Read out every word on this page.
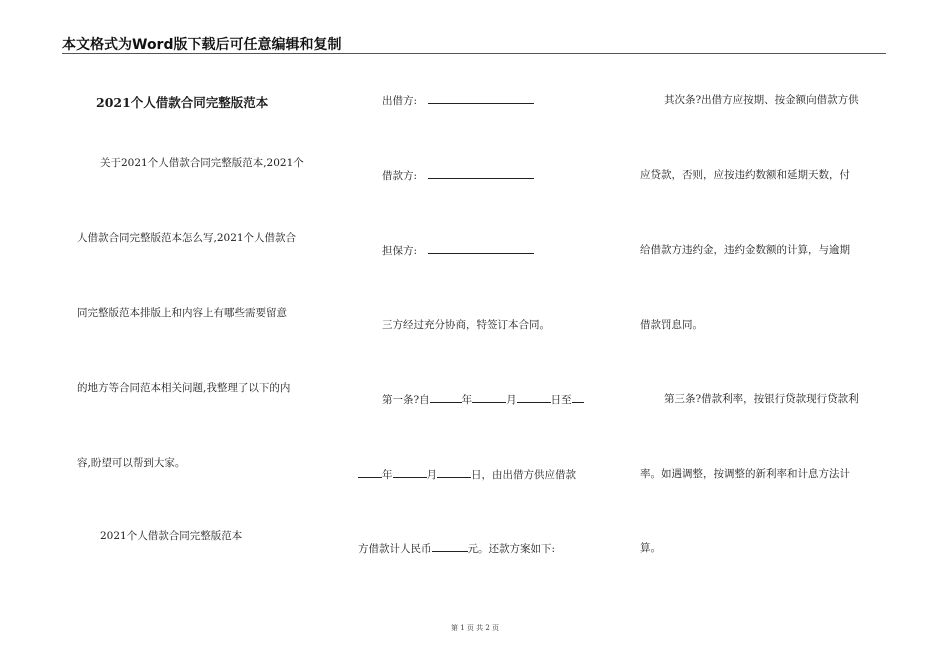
本文格式为Word版下载后可任意编辑和复制
2021个人借款合同完整版范本
关于2021个人借款合同完整版范本,2021个
人借款合同完整版范本怎么写,2021个人借款合
同完整版范本排版上和内容上有哪些需要留意
的地方等合同范本相关问题,我整理了以下的内
容,盼望可以帮到大家。
2021个人借款合同完整版范本
出借方:
借款方:
担保方:
三方经过充分协商，特签订本合同。
第一条?自	年	月	日至
年	月	日，由出借方供应借款
方借款计人民币	元。还款方案如下:
其次条?出借方应按期、按金额向借款方供
应贷款，否则，应按违约数额和延期天数，付
给借款方违约金，违约金数额的计算，与逾期
借款罚息同。
第三条?借款利率，按银行贷款现行贷款利
率。如遇调整，按调整的新利率和计息方法计
算。
第 1 页 共 2 页
